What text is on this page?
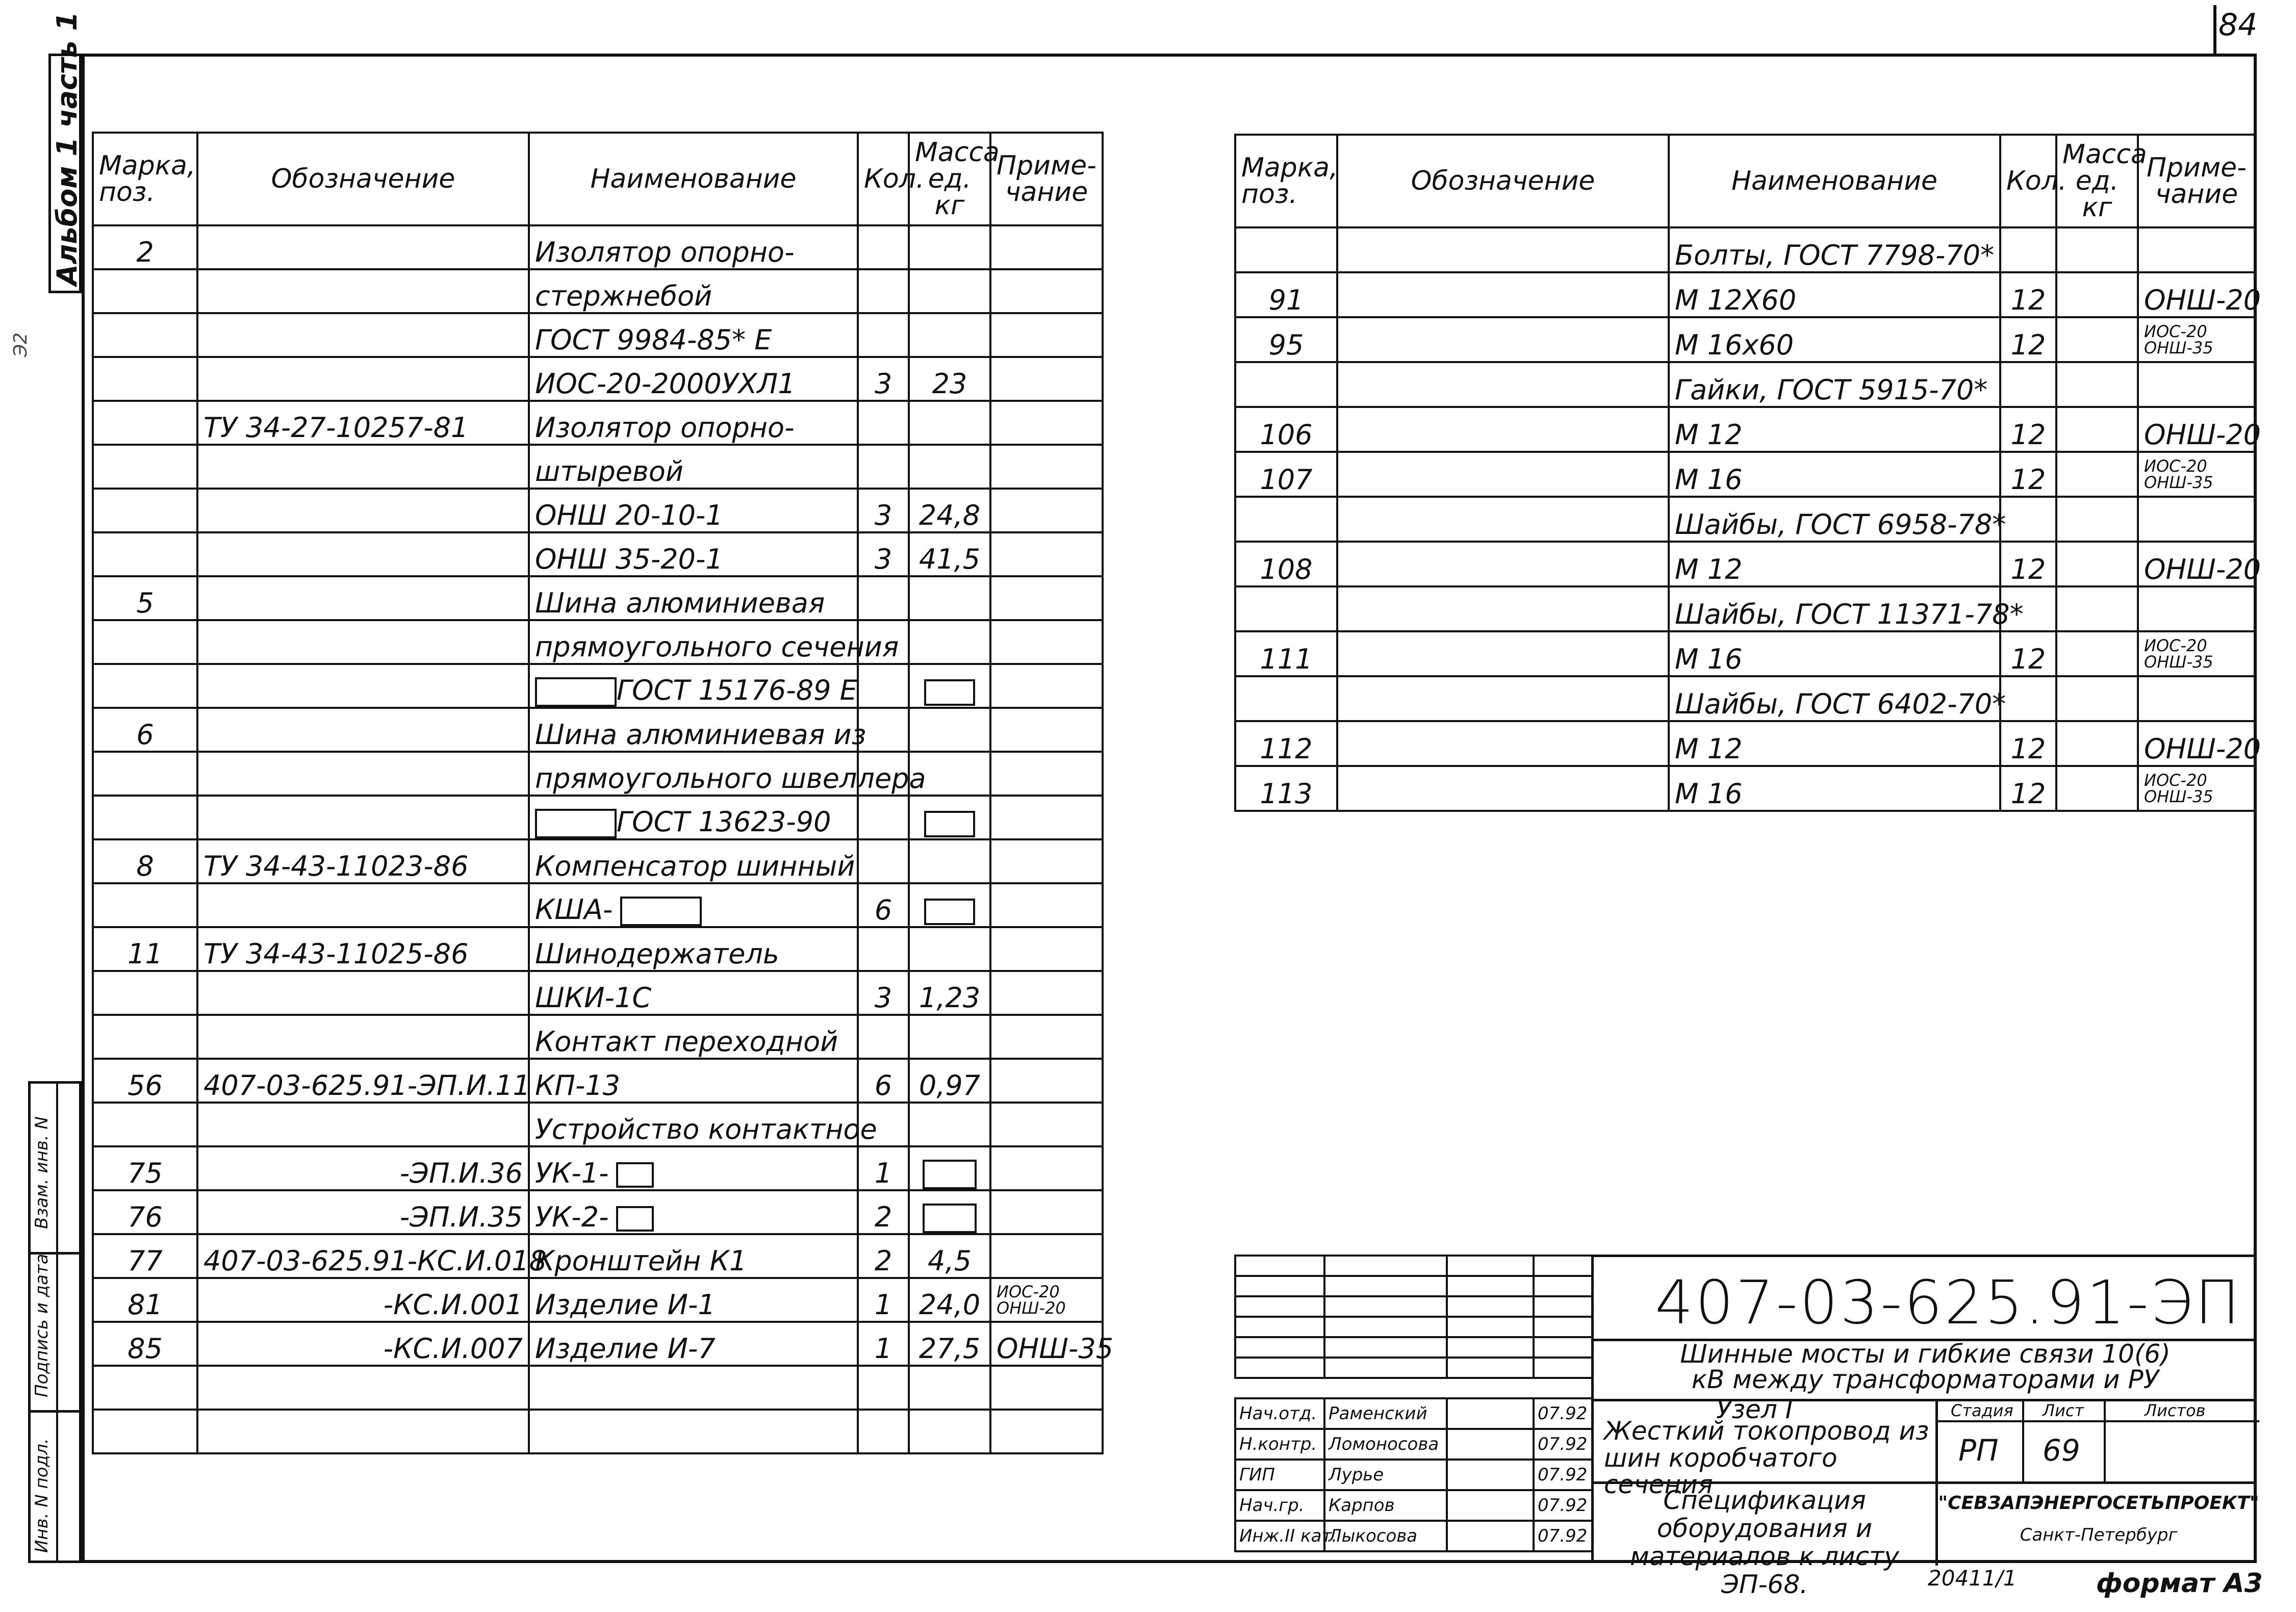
84
Альбом 1 часть 1
Э2
Взам. инв. N
Подпись и дата
Инв. N подл.
Марка, поз.	Обозначение	Наименование	Кол.	Масса ед. кг	Приме- чание
2		Изолятор опорно-			
		стержнебой			
		ГОСТ 9984-85* Е			
		ИОС-20-2000УХЛ1	3	23	
	ТУ 34-27-10257-81	Изолятор опорно-			
		штыревой			
		ОНШ 20-10-1	3	24,8	
		ОНШ 35-20-1	3	41,5	
5		Шина алюминиевая			
		прямоугольного сечения			
		ГОСТ 15176-89 Е			
6		Шина алюминиевая из			
		прямоугольного швеллера			
		ГОСТ 13623-90			
8	ТУ 34-43-11023-86	Компенсатор шинный			
		КША-	6		
11	ТУ 34-43-11025-86	Шинодержатель			
		ШКИ-1С	3	1,23	
		Контакт переходной			
56	407-03-625.91-ЭП.И.11	КП-13	6	0,97	
		Устройство контактное			
75	-ЭП.И.36	УК-1-	1		
76	-ЭП.И.35	УК-2-	2		
77	407-03-625.91-КС.И.018	Кронштейн К1	2	4,5	
81	-КС.И.001	Изделие И-1	1	24,0	ИОС-20 ОНШ-20
85	-КС.И.007	Изделие И-7	1	27,5	ОНШ-35

Марка, поз.	Обозначение	Наименование	Кол.	Масса ед. кг	Приме- чание
		Болты, ГОСТ 7798-70*			
91		М 12Х60	12		ОНШ-20
95		М 16х60	12		ИОС-20 ОНШ-35
		Гайки, ГОСТ 5915-70*			
106		М 12	12		ОНШ-20
107		М 16	12		ИОС-20 ОНШ-35
		Шайбы, ГОСТ 6958-78*			
108		М 12	12		ОНШ-20
		Шайбы, ГОСТ 11371-78*			
111		М 16	12		ИОС-20 ОНШ-35
		Шайбы, ГОСТ 6402-70*			
112		М 12	12		ОНШ-20
113		М 16	12		ИОС-20 ОНШ-35

Нач.отд.	Раменский		07.92
Н.контр.	Ломоносова		07.92
ГИП	Лурье		07.92
Нач.гр.	Карпов		07.92
Инж.II кат.	Лыкосова		07.92
407-03-625.91-ЭП
Шинные мосты и гибкие связи 10(6) кВ между трансформаторами и РУ
Узел I
Жесткий токопровод из шин коробчатого сечения
Спецификация оборудования и материалов к листу ЭП-68.
Стадия Лист	Листов
РП 69
"СЕВЗАПЭНЕРГОСЕТЬПРОЕКТ"
Санкт-Петербург
20411/1	формат А3
